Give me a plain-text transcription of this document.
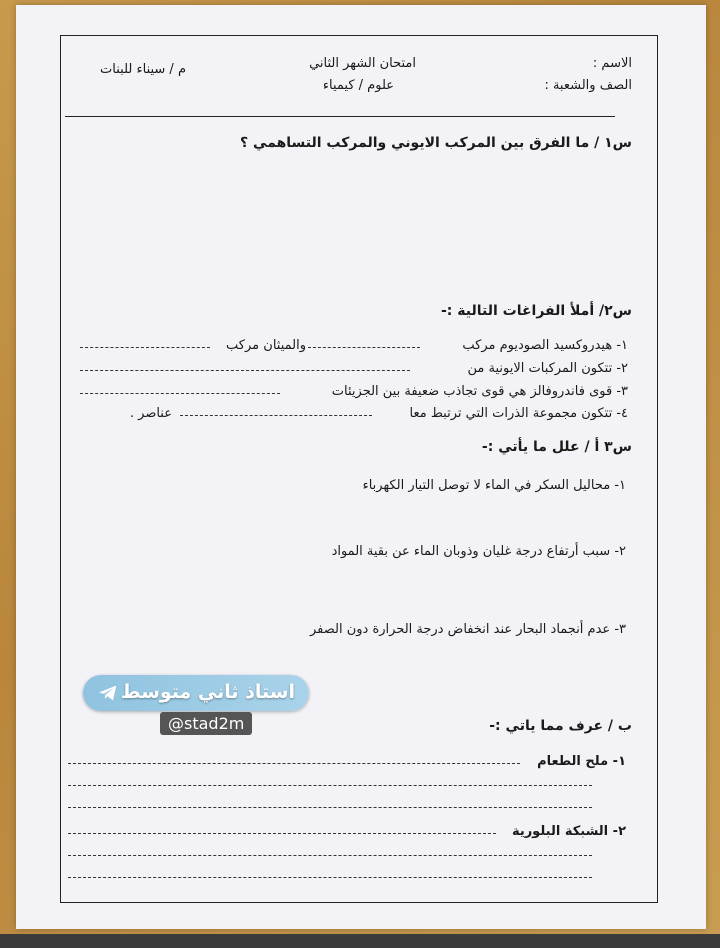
الاسم :
الصف والشعبة :
امتحان الشهر الثاني
علوم / كيمياء
م / سيناء للبنات
س١ / ما الفرق بين المركب الايوني والمركب التساهمي ؟
س٢/ أملأ الفراغات التالية :-
١- هيدروكسيد الصوديوم مركب
والميثان مركب
٢- تتكون المركبات الايونية من
٣- قوى فاندروفالز هي قوى تجاذب ضعيفة بين الجزيئات
٤- تتكون مجموعة الذرات التي ترتبط معا
عناصر .
س٣ أ / علل ما يأتي :-
١- محاليل السكر في الماء لا توصل التيار الكهرباء
٢- سبب أرتفاع درجة غليان وذوبان الماء عن بقية المواد
٣- عدم أنجماد البحار عند انخفاض درجة الحرارة دون الصفر
استاذ ثاني متوسط
@stad2m	ب / عرف مما ياتي :-
١- ملح الطعام
٢- الشبكة البلورية
